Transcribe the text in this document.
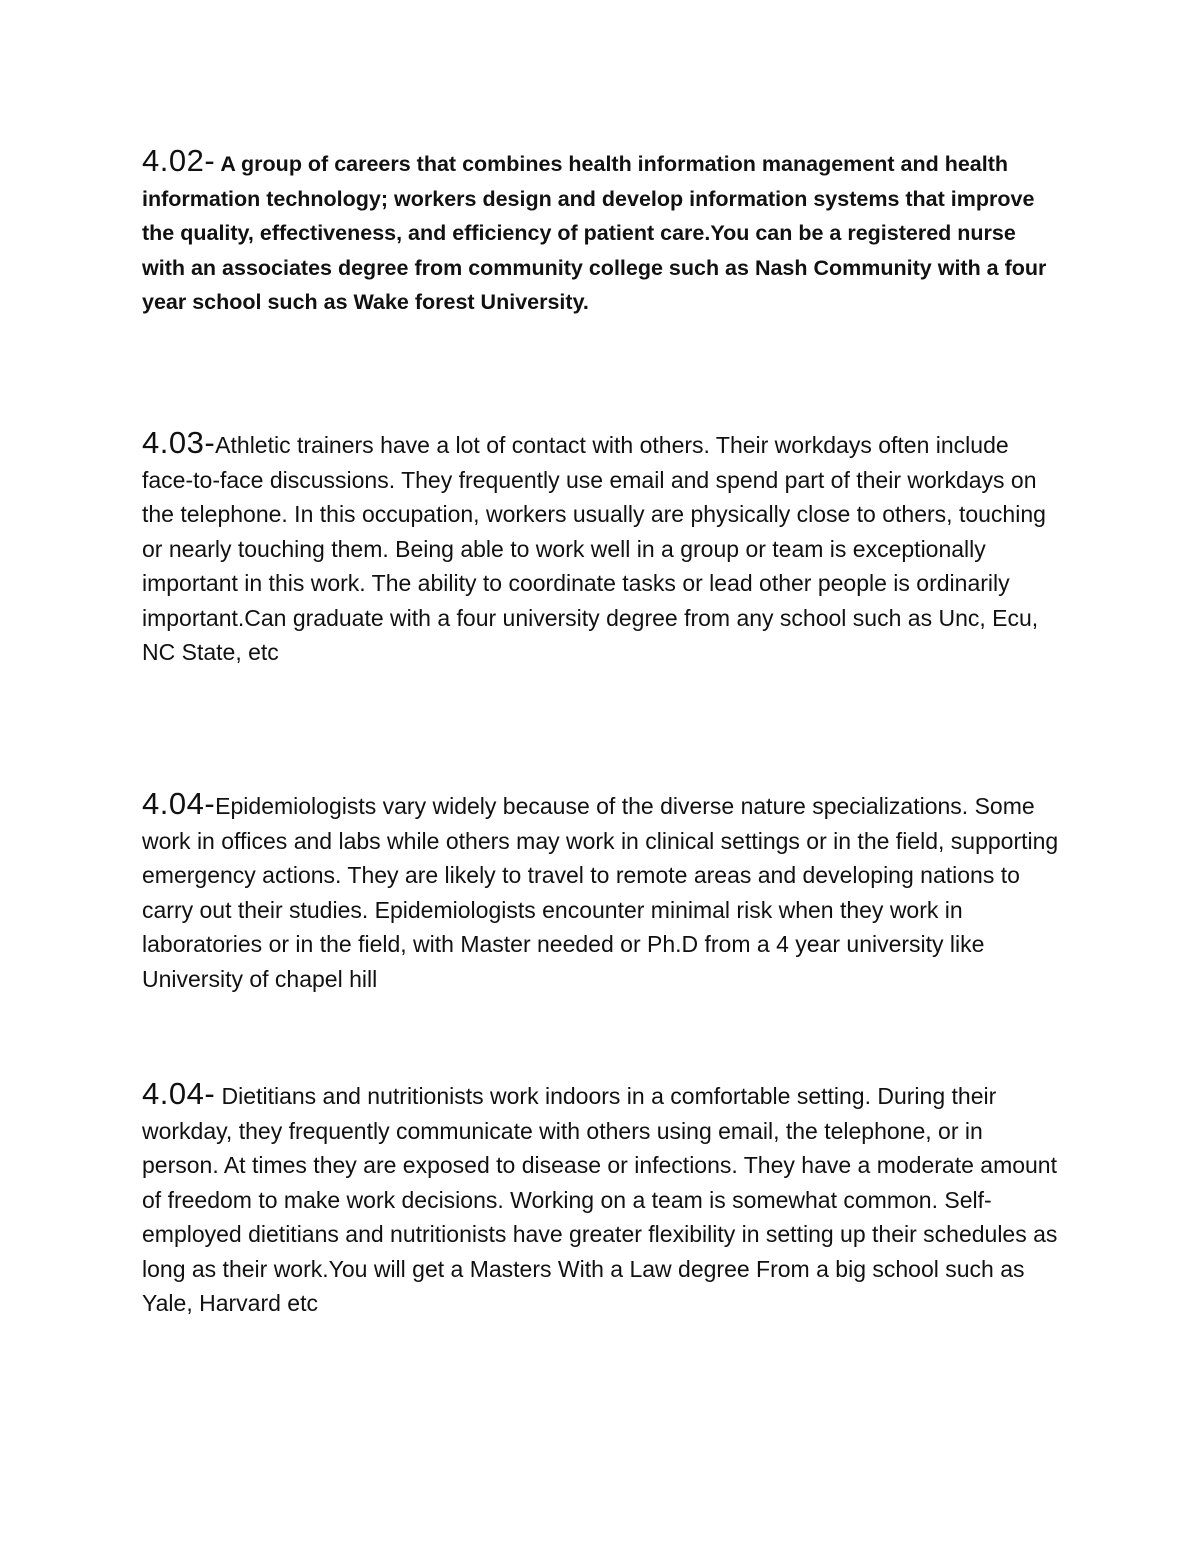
4.02- A group of careers that combines health information management and health information technology; workers design and develop information systems that improve the quality, effectiveness, and efficiency of patient care.You can be a registered nurse with an associates degree from community college such as Nash Community with a four year school such as Wake forest University.

4.03-Athletic trainers have a lot of contact with others. Their workdays often include face-to-face discussions. They frequently use email and spend part of their workdays on the telephone. In this occupation, workers usually are physically close to others, touching or nearly touching them. Being able to work well in a group or team is exceptionally important in this work. The ability to coordinate tasks or lead other people is ordinarily important.Can graduate with a four university degree from any school such as Unc, Ecu, NC State, etc

4.04-Epidemiologists vary widely because of the diverse nature specializations. Some work in offices and labs while others may work in clinical settings or in the field, supporting emergency actions. They are likely to travel to remote areas and developing nations to carry out their studies. Epidemiologists encounter minimal risk when they work in laboratories or in the field, with Master needed or Ph.D from a 4 year university like University of chapel hill

4.04- Dietitians and nutritionists work indoors in a comfortable setting. During their workday, they frequently communicate with others using email, the telephone, or in person. At times they are exposed to disease or infections. They have a moderate amount of freedom to make work decisions. Working on a team is somewhat common. Self-employed dietitians and nutritionists have greater flexibility in setting up their schedules as long as their work.You will get a Masters With a Law degree From a big school such as Yale, Harvard etc
